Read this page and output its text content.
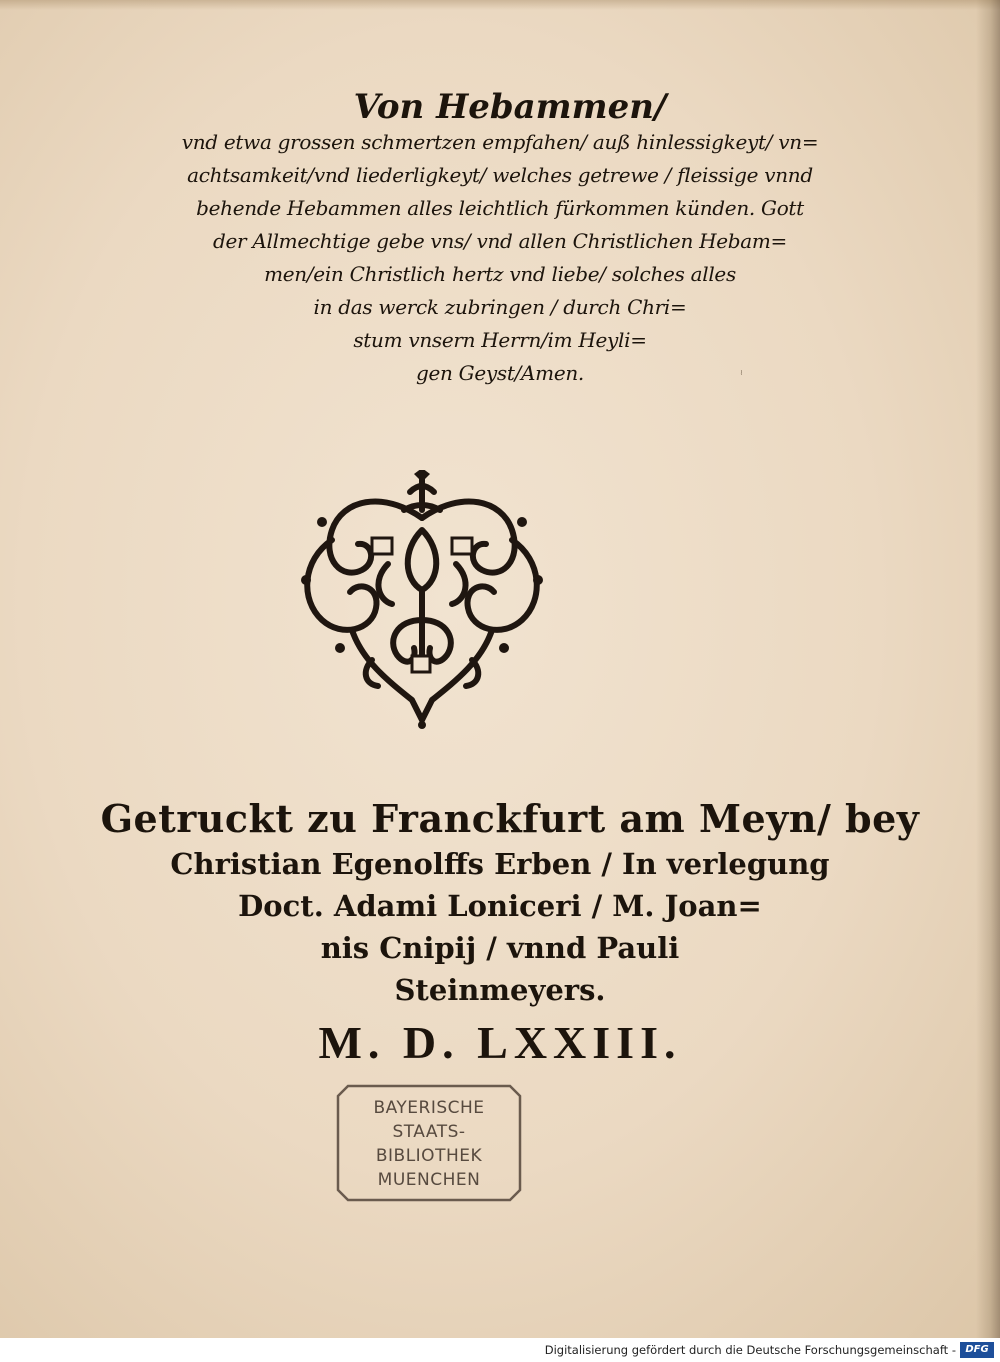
Von Hebammen/
vnd etwa grossen schmertzen empfahen/ auß hinlessigkeyt/ vn=
achtsamkeit/vnd liederligkeyt/ welches getrewe / fleissige vnnd
behende Hebammen alles leichtlich fürkommen künden. Gott
der Allmechtige gebe vns/ vnd allen Christlichen Hebam=
men/ein Christlich hertz vnd liebe/ solches alles
in das werck zubringen / durch Chri=
stum vnsern Herrn/im Heyli=
gen Geyst/Amen.	~
Getruckt zu Franckfurt am Meyn/ bey
Christian Egenolffs Erben / In verlegung
Doct. Adami Loniceri / M. Joan=
nis Cnipij / vnnd Pauli
Steinmeyers.
M. D. LXXIII.
BAYERISCHE
STAATS-
BIBLIOTHEK
MUENCHEN
Digitalisierung gefördert durch die Deutsche Forschungsgemeinschaft - DFG
